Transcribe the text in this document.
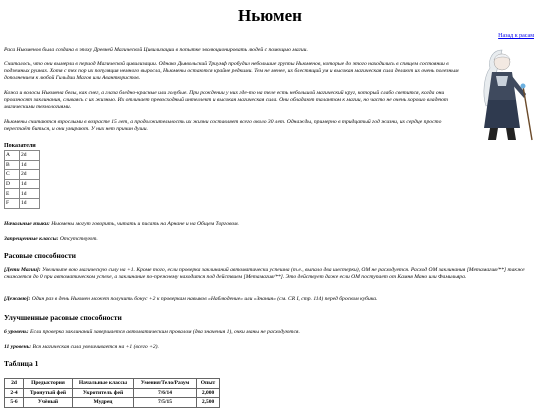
Ньюмен
Назад к расам

Раса Ньюменов была создана в эпоху Древней Магической Цивилизации в попытке эволюционировать людей с помощью магии.

Считалось, что они вымерли в период Магической цивилизации. Однако Дьявольский Триумф пробудил небольшие группы Ньюменов, которые до этого находились в спящем состоянии в подземных руинах. Хотя с тех пор их популяция немного выросла, Ньюмены остаются крайне редкими. Тем не менее, их блестящий ум и высокая магическая сила делают их очень полезным дополнением к любой Гильдии Магов или Авантюристов.

Кожа и волосы Ньюмена белы, как снег, а глаза бледно-красные или голубые. При рождении у них где-то на теле есть небольшой магический круг, который слабо светится, когда они произносят заклинания, сливаясь с их жизнью. Их отличает превосходный интеллект и высокая магическая сила. Они обладают талантом к магии, но часто не очень хорошо владеют магическими технологиями.

Ньюмены считаются взрослыми в возрасте 15 лет, а продолжительность их жизни составляет всего около 30 лет. Однажды, примерно в тридцатый год жизни, их сердце просто перестаёт биться, и они умирают. У них нет причин души.

Показатели
A	2d
B	1d
C	2d
D	1d
E	1d
F	1d

Начальные языки: Ньюмены могут говорить, читать и писать на Арнане и на Общем Торговом.

Запрещенные классы: Отсутствуют.

Расовые способности

[Дети Магии]: Увеличьте вою магическую силу на +1. Кроме того, если проверка заклинаний автоматически успешна (т.е., выпало два шестерки), ОМ не расходуется. Расход ОМ заклинания [Метамагия/**] также снижается до 0 при автоматическом успехе, а заклинание по-прежнему находится под действием [Метамагия/**]. Это действует даже если ОМ поступает от Камня Мано или Фамильяра.

[Дежавю]: Один раз в день Ньюмен может получить бонус +2 к проверкам навыков «Наблюдение» или «Знания» (см. CR I, стр. 114) перед броском кубика.

Улучшенные расовые способности

6 уровень: Если проверка заклинаний завершается автоматическим провалом (два значения 1), очки маны не расходуются.

11 уровень: Вся магическая сила увеличивается на +1 (всего +2).

Таблица 1
2d	Предыстория	Начальные классы	Умения/Тело/Разум	Опыт
2-4	Тронутый фей	Укротитель фей	7/6/14	2,000
5-6	Учёный	Мудрец	7/5/15	2,500
